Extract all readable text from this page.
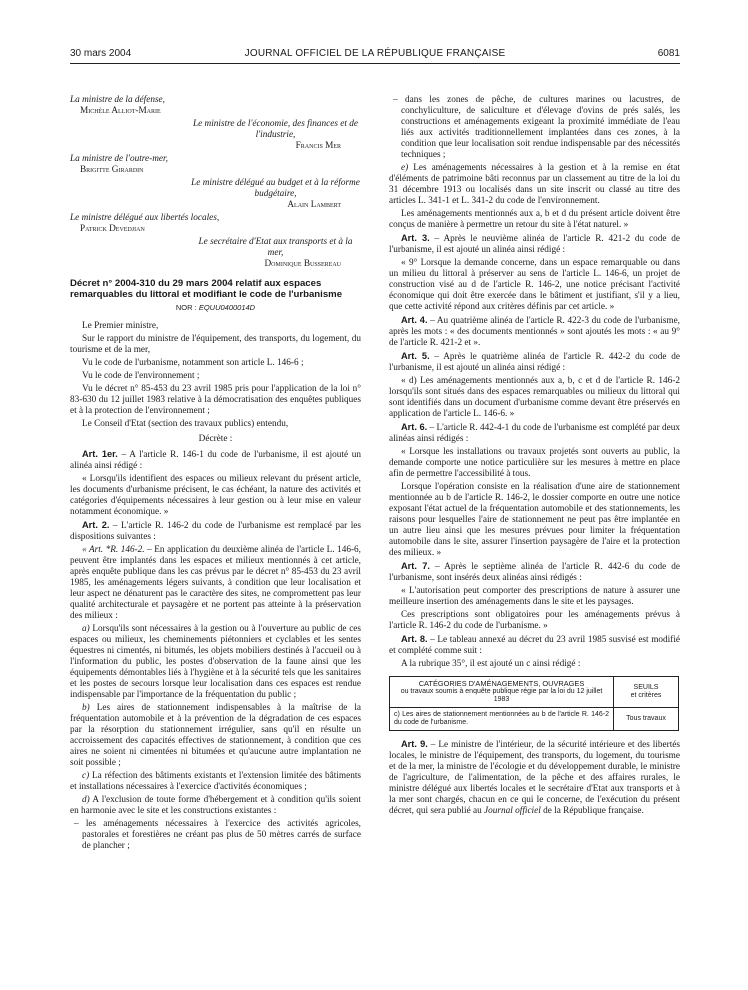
30 mars 2004	JOURNAL OFFICIEL DE LA RÉPUBLIQUE FRANÇAISE	6081
La ministre de la défense,
Michèle Alliot-Marie
Le ministre de l'économie, des finances et de l'industrie,
Francis Mer
La ministre de l'outre-mer,
Brigitte Girardin
Le ministre délégué au budget et à la réforme budgétaire,
Alain Lambert
Le ministre délégué aux libertés locales,
Patrick Devedjian
Le secrétaire d'Etat aux transports et à la mer,
Dominique Bussereau
Décret n° 2004-310 du 29 mars 2004 relatif aux espaces remarquables du littoral et modifiant le code de l'urbanisme
NOR : EQUU0400014D

Le Premier ministre,

Sur le rapport du ministre de l'équipement, des transports, du logement, du tourisme et de la mer,

Vu le code de l'urbanisme, notamment son article L. 146-6 ;

Vu le code de l'environnement ;

Vu le décret n° 85-453 du 23 avril 1985 pris pour l'application de la loi n° 83-630 du 12 juillet 1983 relative à la démocratisation des enquêtes publiques et à la protection de l'environnement ;

Le Conseil d'Etat (section des travaux publics) entendu,

Décrète :

Art. 1er. – A l'article R. 146-1 du code de l'urbanisme, il est ajouté un alinéa ainsi rédigé :

« Lorsqu'ils identifient des espaces ou milieux relevant du présent article, les documents d'urbanisme précisent, le cas échéant, la nature des activités et catégories d'équipements nécessaires à leur gestion ou à leur mise en valeur notamment économique. »

Art. 2. – L'article R. 146-2 du code de l'urbanisme est remplacé par les dispositions suivantes :

« Art. *R. 146-2. – En application du deuxième alinéa de l'article L. 146-6, peuvent être implantés dans les espaces et milieux mentionnés à cet article, après enquête publique dans les cas prévus par le décret n° 85-453 du 23 avril 1985, les aménagements légers suivants, à condition que leur localisation et leur aspect ne dénaturent pas le caractère des sites, ne compromettent pas leur qualité architecturale et paysagère et ne portent pas atteinte à la préservation des milieux :

a) Lorsqu'ils sont nécessaires à la gestion ou à l'ouverture au public de ces espaces ou milieux, les cheminements piétonniers et cyclables et les sentes équestres ni cimentés, ni bitumés, les objets mobiliers destinés à l'accueil ou à l'information du public, les postes d'observation de la faune ainsi que les équipements démontables liés à l'hygiène et à la sécurité tels que les sanitaires et les postes de secours lorsque leur localisation dans ces espaces est rendue indispensable par l'importance de la fréquentation du public ;

b) Les aires de stationnement indispensables à la maîtrise de la fréquentation automobile et à la prévention de la dégradation de ces espaces par la résorption du stationnement irrégulier, sans qu'il en résulte un accroissement des capacités effectives de stationnement, à condition que ces aires ne soient ni cimentées ni bitumées et qu'aucune autre implantation ne soit possible ;

c) La réfection des bâtiments existants et l'extension limitée des bâtiments et installations nécessaires à l'exercice d'activités économiques ;

d) A l'exclusion de toute forme d'hébergement et à condition qu'ils soient en harmonie avec le site et les constructions existantes :

– les aménagements nécessaires à l'exercice des activités agricoles, pastorales et forestières ne créant pas plus de 50 mètres carrés de surface de plancher ;

– dans les zones de pêche, de cultures marines ou lacustres, de conchyliculture, de saliculture et d'élevage d'ovins de prés salés, les constructions et aménagements exigeant la proximité immédiate de l'eau liés aux activités traditionnellement implantées dans ces zones, à la condition que leur localisation soit rendue indispensable par des nécessités techniques ;

e) Les aménagements nécessaires à la gestion et à la remise en état d'éléments de patrimoine bâti reconnus par un classement au titre de la loi du 31 décembre 1913 ou localisés dans un site inscrit ou classé au titre des articles L. 341-1 et L. 341-2 du code de l'environnement.

Les aménagements mentionnés aux a, b et d du présent article doivent être conçus de manière à permettre un retour du site à l'état naturel. »

Art. 3. – Après le neuvième alinéa de l'article R. 421-2 du code de l'urbanisme, il est ajouté un alinéa ainsi rédigé :

« 9° Lorsque la demande concerne, dans un espace remarquable ou dans un milieu du littoral à préserver au sens de l'article L. 146-6, un projet de construction visé au d de l'article R. 146-2, une notice précisant l'activité économique qui doit être exercée dans le bâtiment et justifiant, s'il y a lieu, que cette activité répond aux critères définis par cet article. »

Art. 4. – Au quatrième alinéa de l'article R. 422-3 du code de l'urbanisme, après les mots : « des documents mentionnés » sont ajoutés les mots : « au 9° de l'article R. 421-2 et ».

Art. 5. – Après le quatrième alinéa de l'article R. 442-2 du code de l'urbanisme, il est ajouté un alinéa ainsi rédigé :

« d) Les aménagements mentionnés aux a, b, c et d de l'article R. 146-2 lorsqu'ils sont situés dans des espaces remarquables ou milieux du littoral qui sont identifiés dans un document d'urbanisme comme devant être préservés en application de l'article L. 146-6. »

Art. 6. – L'article R. 442-4-1 du code de l'urbanisme est complété par deux alinéas ainsi rédigés :

« Lorsque les installations ou travaux projetés sont ouverts au public, la demande comporte une notice particulière sur les mesures à mettre en place afin de permettre l'accessibilité à tous.

Lorsque l'opération consiste en la réalisation d'une aire de stationnement mentionnée au b de l'article R. 146-2, le dossier comporte en outre une notice exposant l'état actuel de la fréquentation automobile et des stationnements, les raisons pour lesquelles l'aire de stationnement ne peut pas être implantée en un autre lieu ainsi que les mesures prévues pour limiter la fréquentation automobile dans le site, assurer l'insertion paysagère de l'aire et la protection des milieux. »

Art. 7. – Après le septième alinéa de l'article R. 442-6 du code de l'urbanisme, sont insérés deux alinéas ainsi rédigés :

« L'autorisation peut comporter des prescriptions de nature à assurer une meilleure insertion des aménagements dans le site et les paysages.

Ces prescriptions sont obligatoires pour les aménagements prévus à l'article R. 146-2 du code de l'urbanisme. »

Art. 8. – Le tableau annexé au décret du 23 avril 1985 susvisé est modifié et complété comme suit :

A la rubrique 35°, il est ajouté un c ainsi rédigé :

CATÉGORIES D'AMÉNAGEMENTS, OUVRAGES
ou travaux soumis à enquête publique régie par la loi du 12 juillet 1983	SEUILS
et critères
c) Les aires de stationnement mentionnées au b de l'article R. 146-2 du code de l'urbanisme.	Tous travaux

Art. 9. – Le ministre de l'intérieur, de la sécurité intérieure et des libertés locales, le ministre de l'équipement, des transports, du logement, du tourisme et de la mer, la ministre de l'écologie et du développement durable, le ministre de l'agriculture, de l'alimentation, de la pêche et des affaires rurales, le ministre délégué aux libertés locales et le secrétaire d'Etat aux transports et à la mer sont chargés, chacun en ce qui le concerne, de l'exécution du présent décret, qui sera publié au Journal officiel de la République française.
